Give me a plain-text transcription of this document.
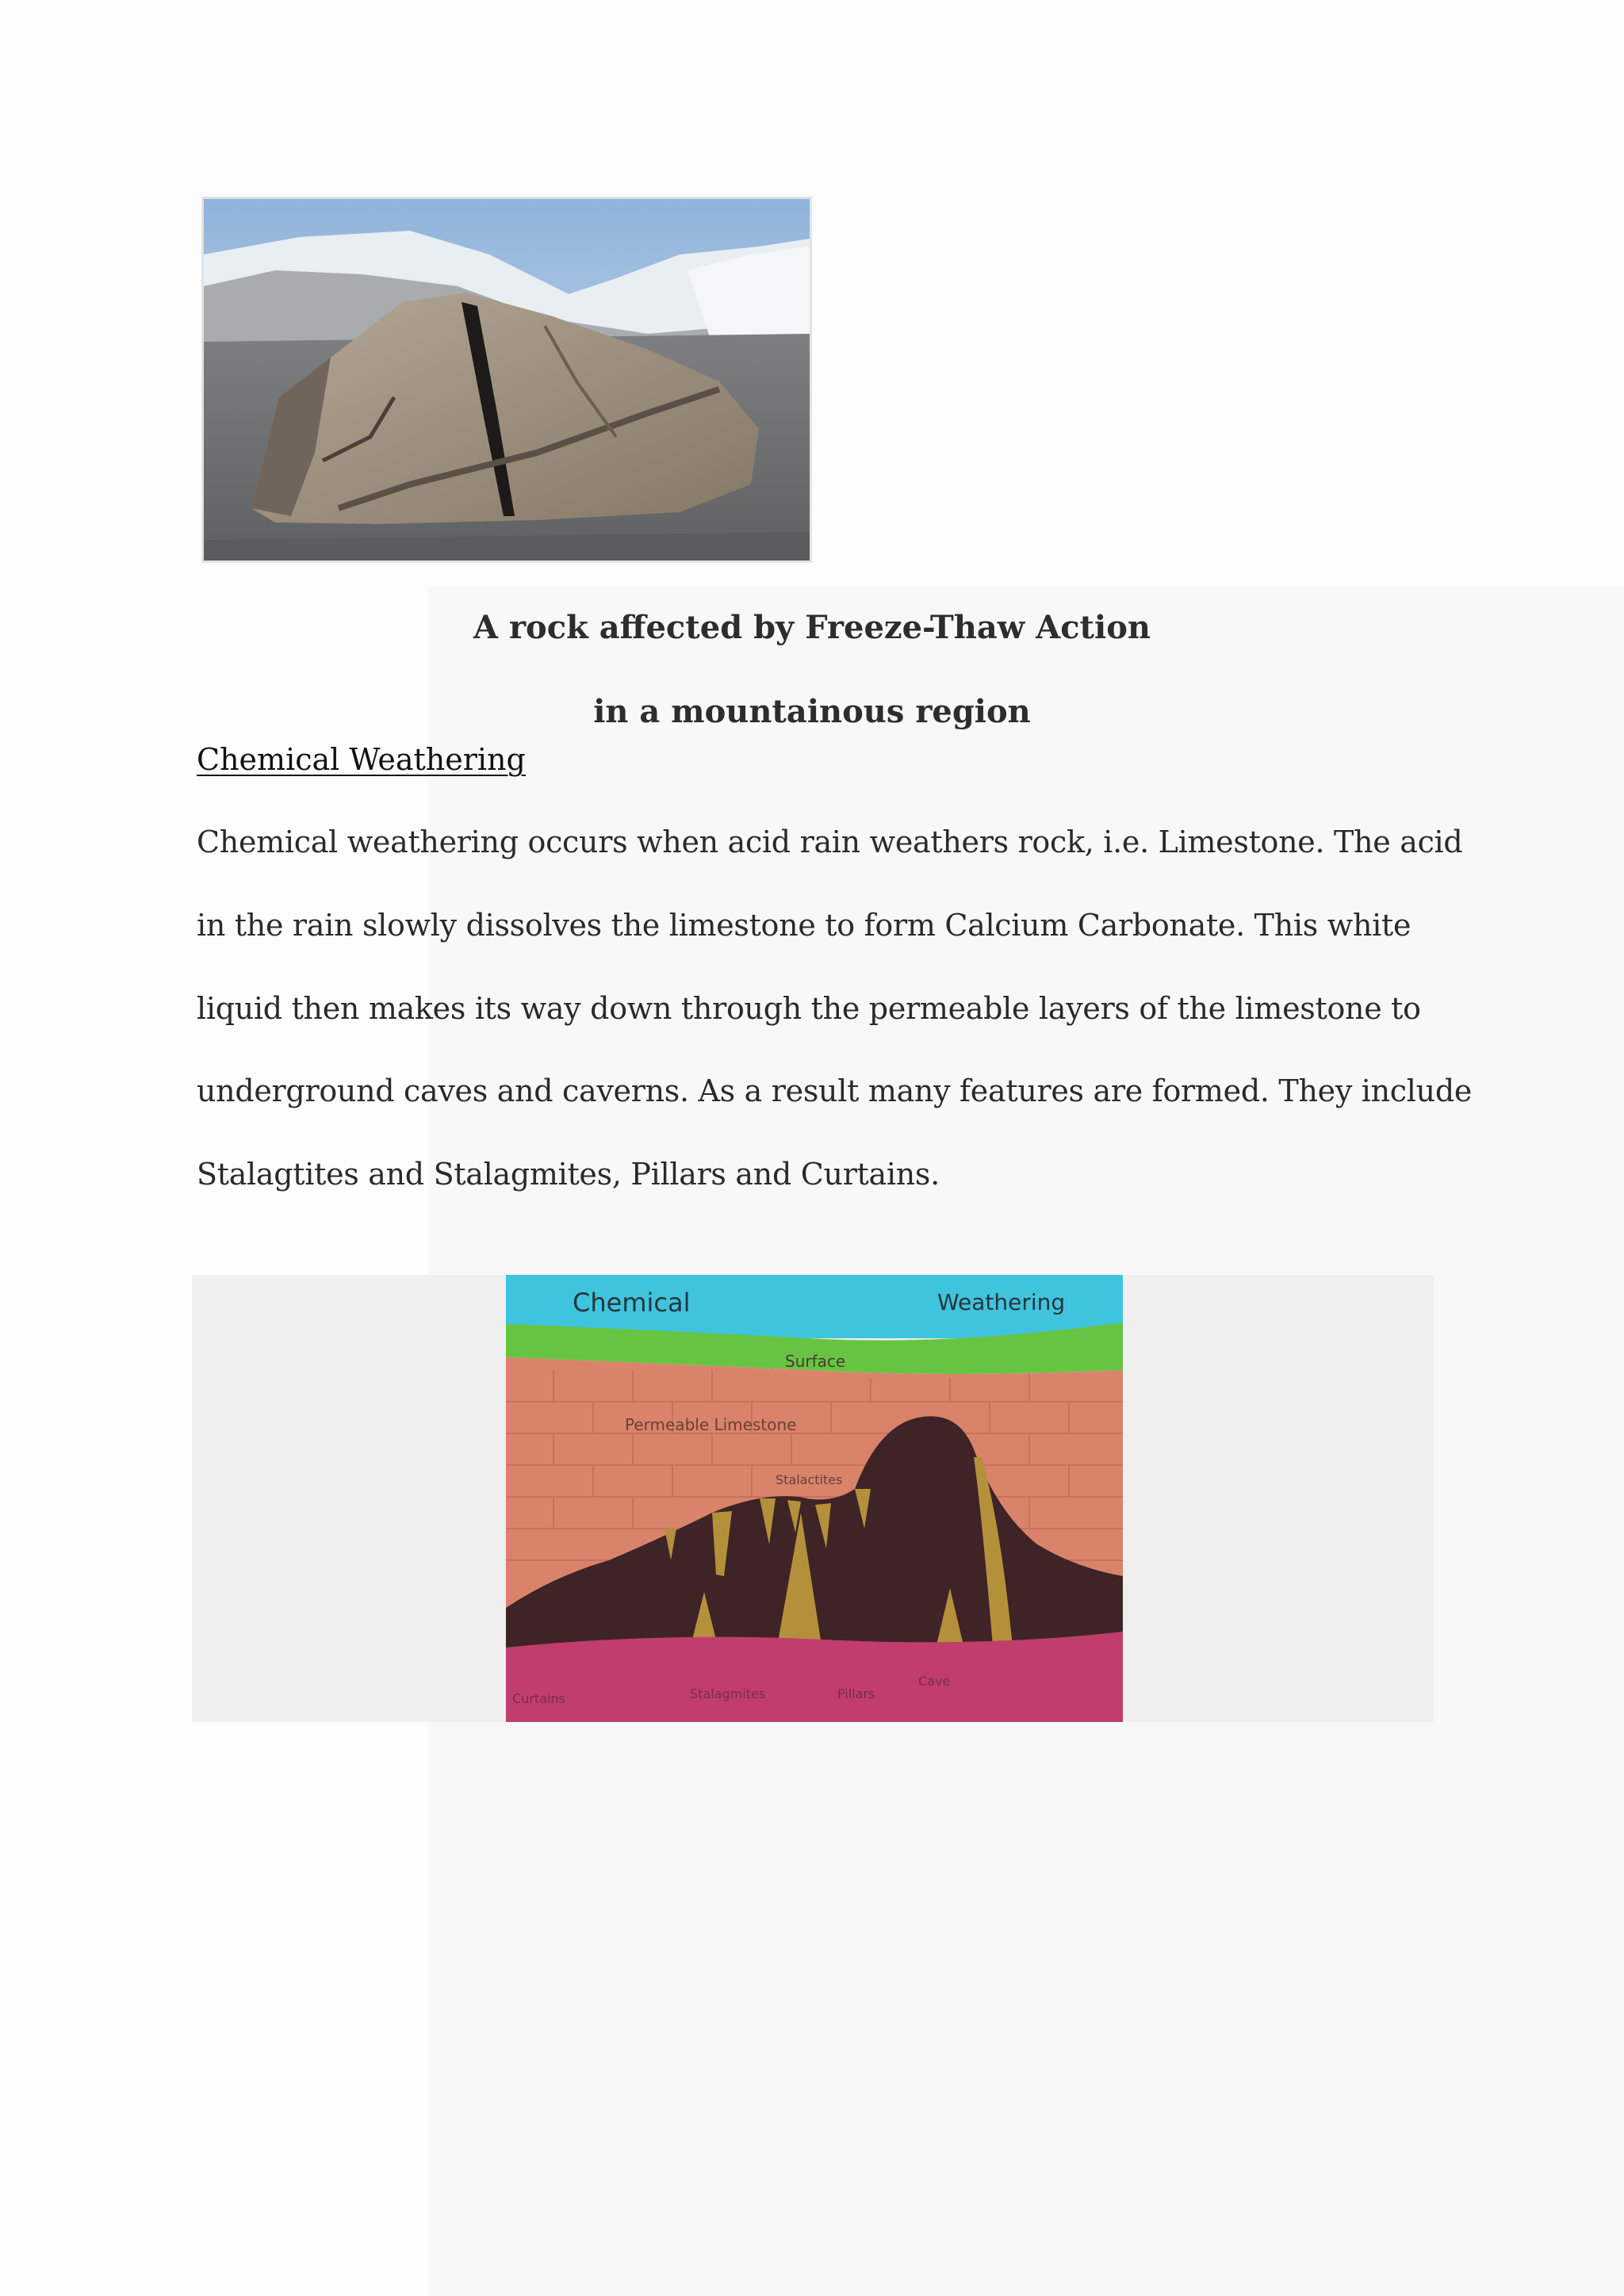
A rock affected by Freeze-Thaw Action

in a mountainous region

Chemical Weathering

Chemical weathering occurs when acid rain weathers rock, i.e. Limestone. The acid

in the rain slowly dissolves the limestone to form Calcium Carbonate. This white

liquid then makes its way down through the permeable layers of the limestone to

underground caves and caverns. As a result many features are formed. They include

Stalagtites and Stalagmites, Pillars and Curtains.

Chemical	Weathering
Surface
Permeable Limestone
Stalactites
Curtains	Stalagmites	Pillars
Cave
